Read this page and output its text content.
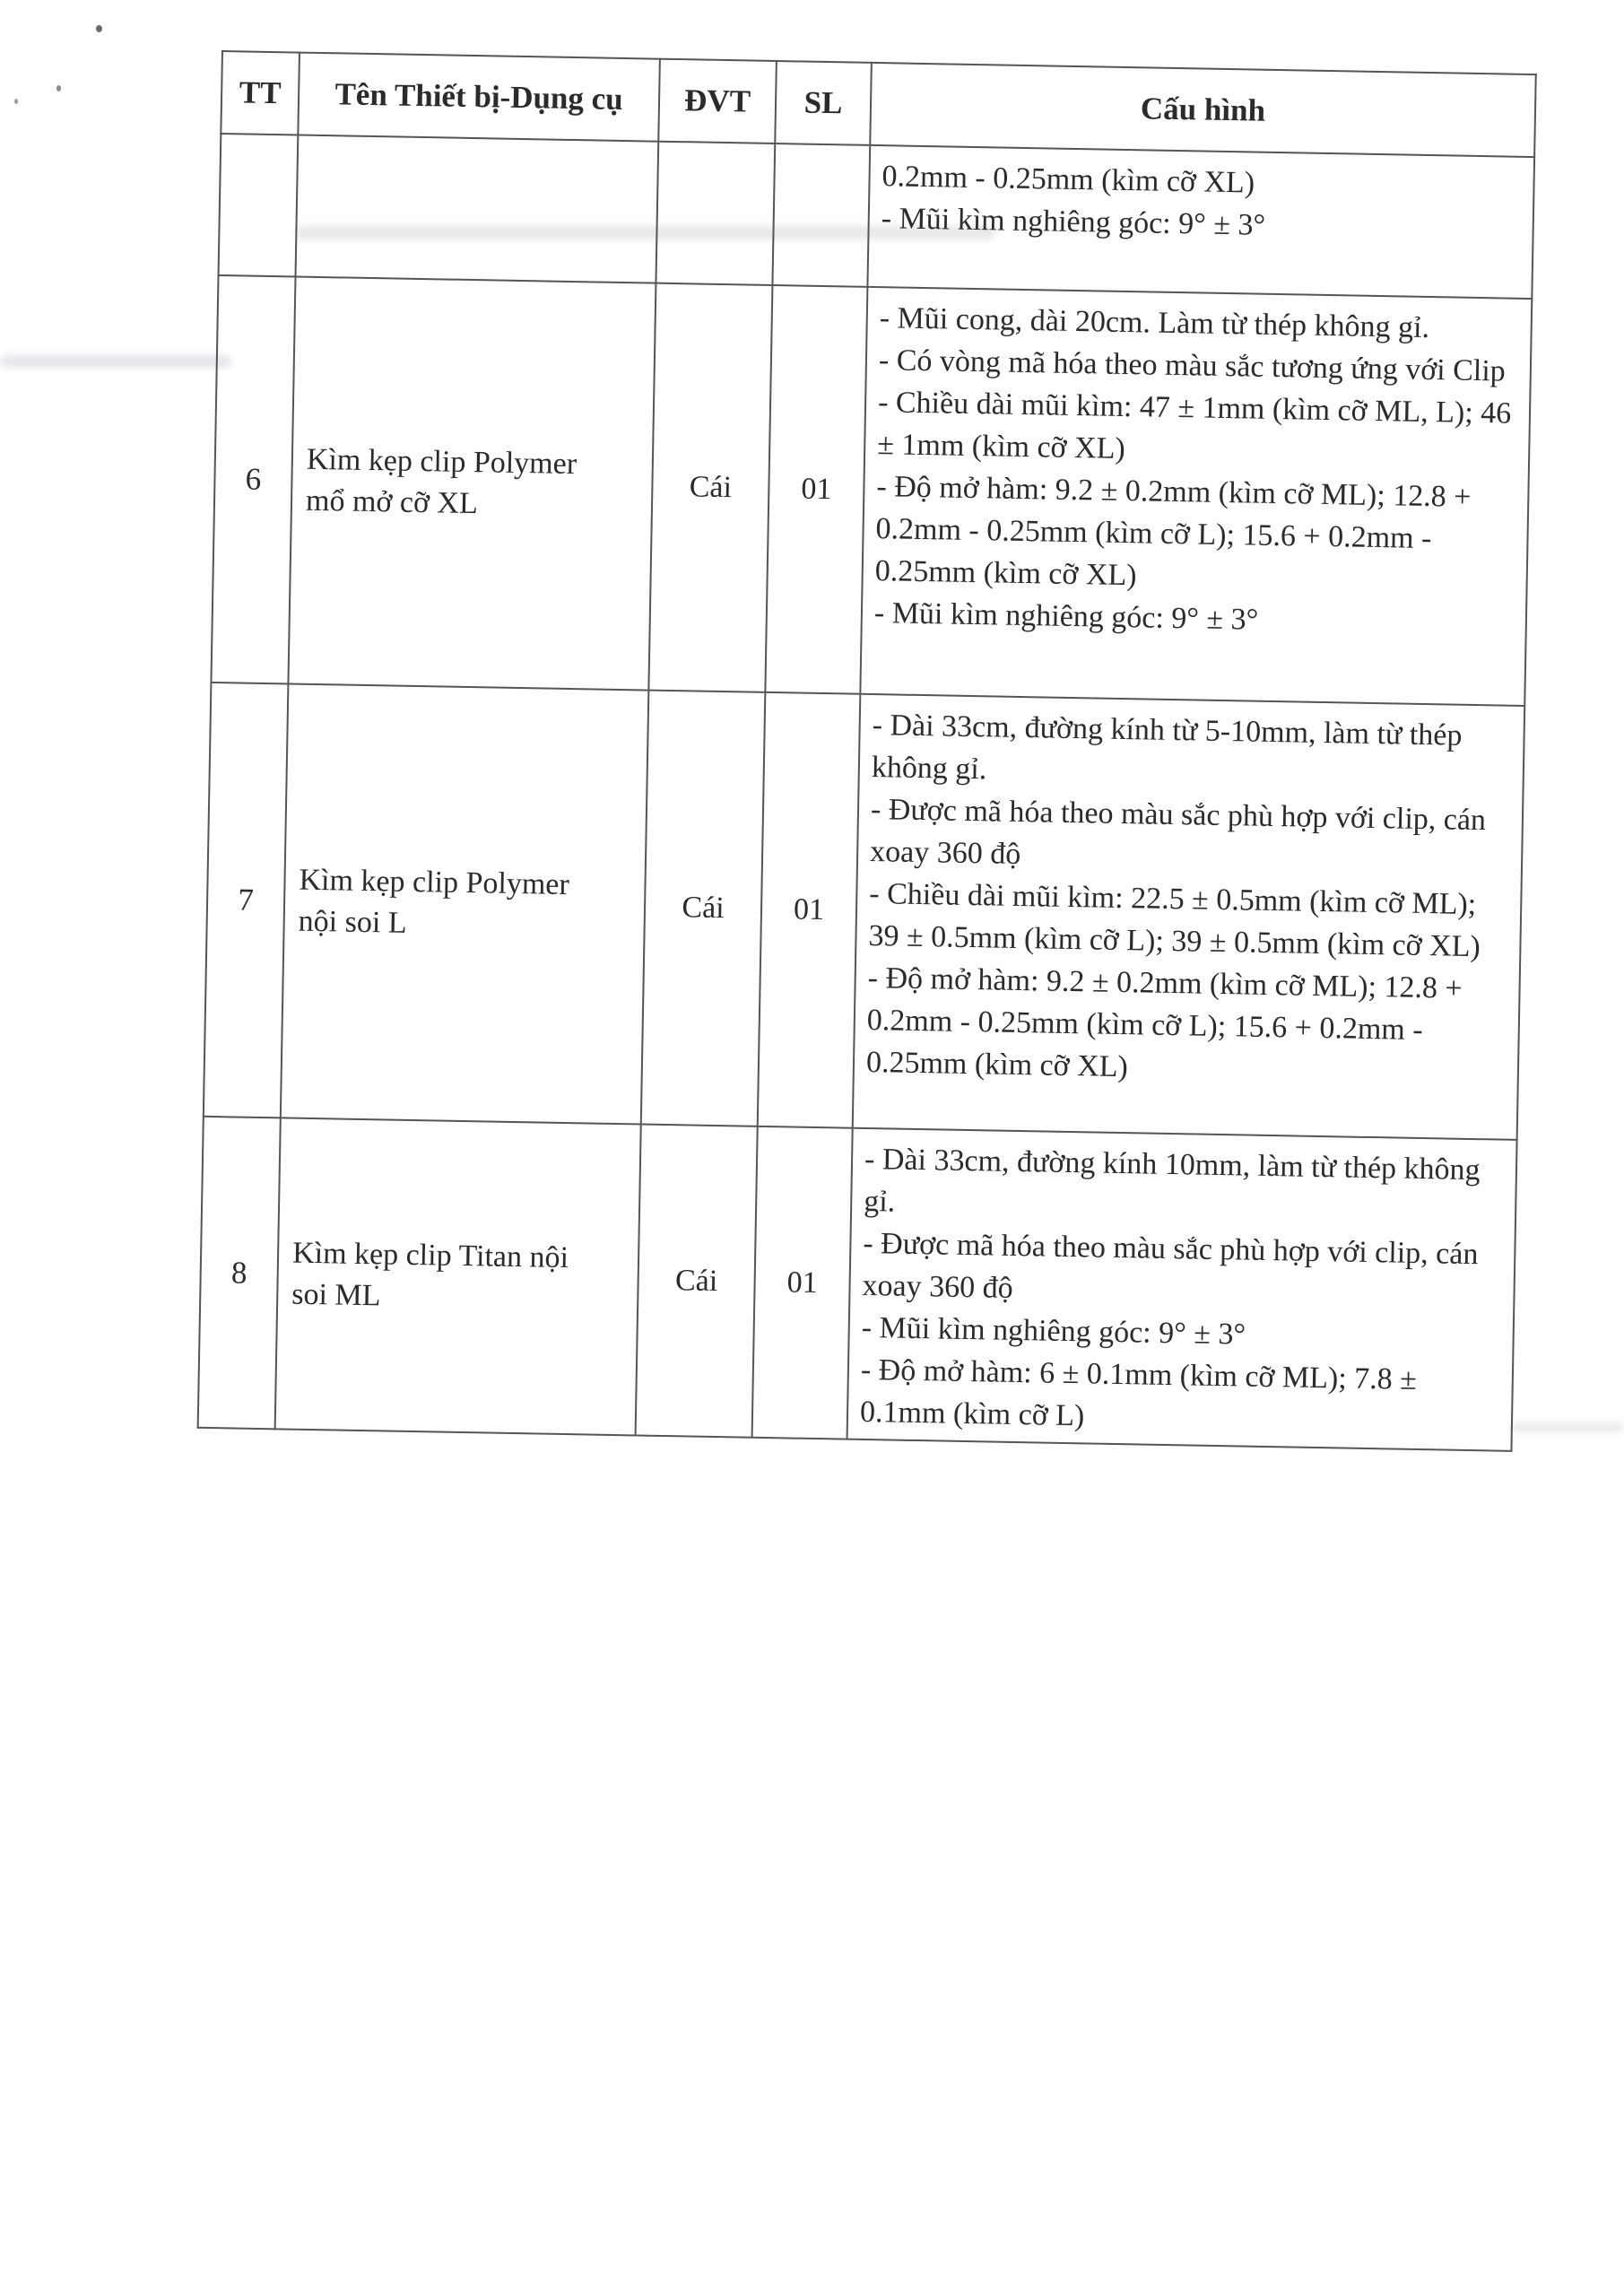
TT	Tên Thiết bị-Dụng cụ	ĐVT	SL	Cấu hình

				0.2mm - 0.25mm (kìm cỡ XL)

- Mũi kìm nghiêng góc: 9° ± 3°

6	Kìm kẹp clip Polymer mổ mở cỡ XL	Cái	01	- Mũi cong, dài 20cm. Làm từ thép không gỉ.

- Có vòng mã hóa theo màu sắc tương ứng với Clip

- Chiều dài mũi kìm: 47 ± 1mm (kìm cỡ ML, L); 46 ± 1mm (kìm cỡ XL)

- Độ mở hàm: 9.2 ± 0.2mm (kìm cỡ ML); 12.8 + 0.2mm - 0.25mm (kìm cỡ L); 15.6 + 0.2mm - 0.25mm (kìm cỡ XL)

- Mũi kìm nghiêng góc: 9° ± 3°

7	Kìm kẹp clip Polymer nội soi L	Cái	01	- Dài 33cm, đường kính từ 5-10mm, làm từ thép không gỉ.

- Được mã hóa theo màu sắc phù hợp với clip, cán xoay 360 độ

- Chiều dài mũi kìm: 22.5 ± 0.5mm (kìm cỡ ML); 39 ± 0.5mm (kìm cỡ L); 39 ± 0.5mm (kìm cỡ XL)

- Độ mở hàm: 9.2 ± 0.2mm (kìm cỡ ML); 12.8 + 0.2mm - 0.25mm (kìm cỡ L); 15.6 + 0.2mm - 0.25mm (kìm cỡ XL)

8	Kìm kẹp clip Titan nội soi ML	Cái	01	- Dài 33cm, đường kính 10mm, làm từ thép không gỉ.

- Được mã hóa theo màu sắc phù hợp với clip, cán xoay 360 độ

- Mũi kìm nghiêng góc: 9° ± 3°

- Độ mở hàm: 6 ± 0.1mm (kìm cỡ ML); 7.8 ± 0.1mm (kìm cỡ L)
